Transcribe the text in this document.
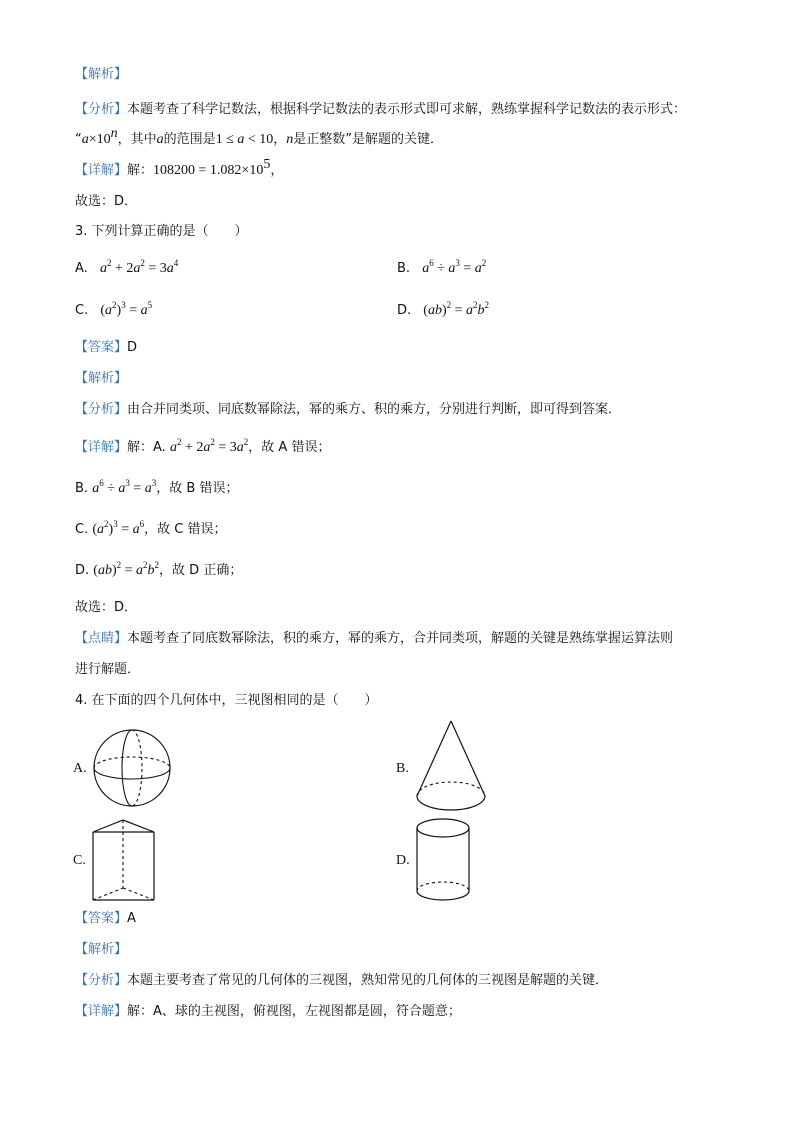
【解析】
【分析】本题考查了科学记数法，根据科学记数法的表示形式即可求解，熟练掌握科学记数法的表示形式：
“$a\times 10^n$，其中a的范围是1 ≤ a < 10，n是正整数”是解题的关键．
【详解】解：$108200 = 1.082\times 10^5$，
故选：D．
3. 下列计算正确的是（　　）
A. $a^2 + 2a^2 = 3a^4$	B. $a^6 \div a^3 = a^2$
C. $(a^2)^3 = a^5$	D. $(ab)^2 = a^2b^2$
【答案】D
【解析】
【分析】由合并同类项、同底数幂除法，幂的乘方、积的乘方，分别进行判断，即可得到答案．
【详解】解：A. $a^2 + 2a^2 = 3a^2$，故 A 错误；
B. $a^6 \div a^3 = a^3$，故 B 错误；
C. $(a^2)^3 = a^6$，故 C 错误；
D. $(ab)^2 = a^2b^2$，故 D 正确；
故选：D．
【点睛】本题考查了同底数幂除法，积的乘方，幂的乘方，合并同类项，解题的关键是熟练掌握运算法则
进行解题．
4. 在下面的四个几何体中，三视图相同的是（　　）
A.	B.
C.	D.
【答案】A
【解析】
【分析】本题主要考查了常见的几何体的三视图，熟知常见的几何体的三视图是解题的关键．
【详解】解：A、球的主视图，俯视图，左视图都是圆，符合题意；
